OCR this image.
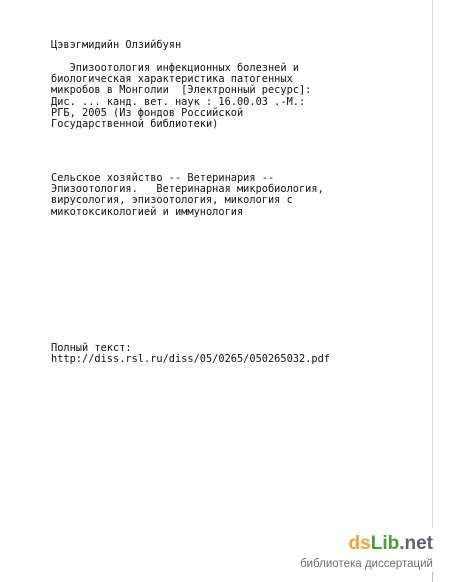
Цэвэгмидийн Олзийбуян
Эпизоотология инфекционных болезней и
биологическая характеристика патогенных
микробов в Монголии  [Электронный ресурс]:
Дис. ... канд. вет. наук : 16.00.03 .-М.:
РГБ, 2005 (Из фондов Российской
Государственной библиотеки)
Сельское хозяйство -- Ветеринария --
Эпизоотология.   Ветеринарная микробиология,
вирусология, эпизоотология, микология с
микотоксикологией и иммунология
Полный текст:
http://diss.rsl.ru/diss/05/0265/050265032.pdf
dsLib.net
библиотека диссертаций
